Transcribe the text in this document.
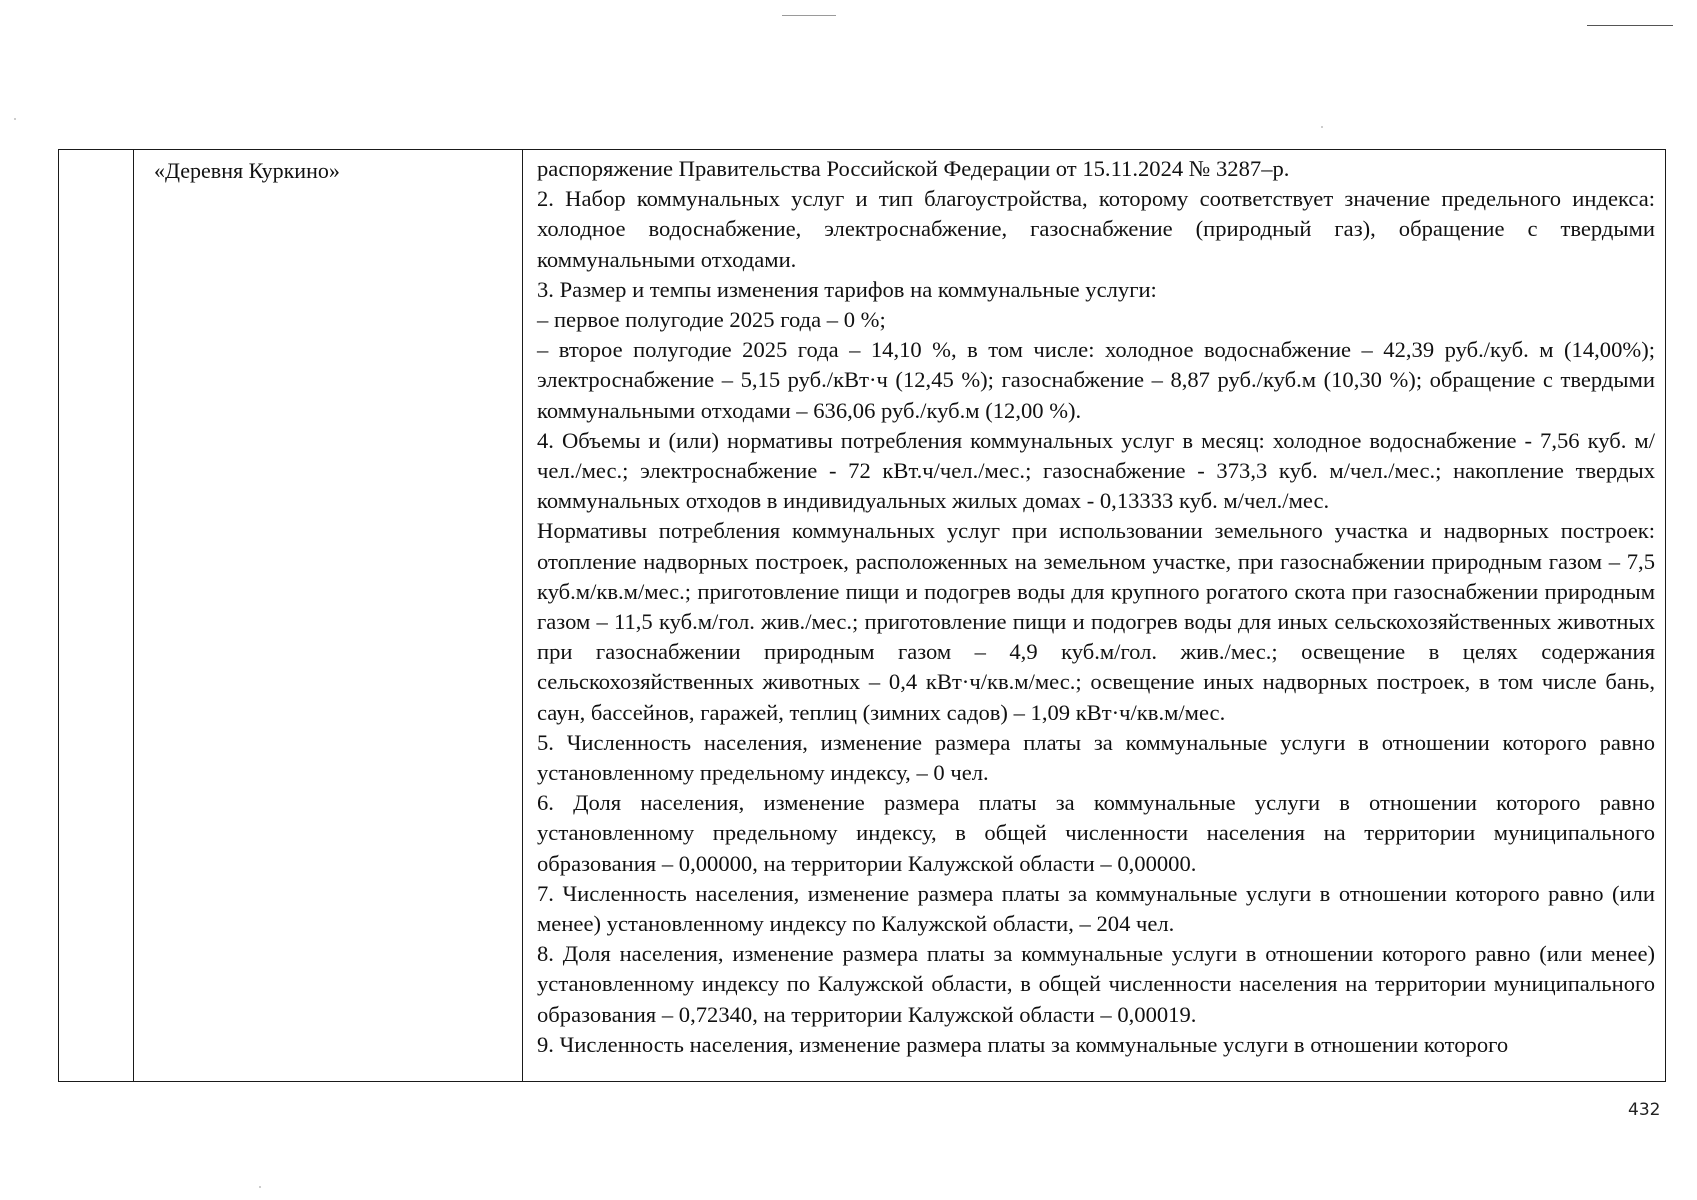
«Деревня Куркино»	распоряжение Правительства Российской Федерации от 15.11.2024 № 3287–р.

2. Набор коммунальных услуг и тип благоустройства, которому соответствует значение предельного индекса: холодное водоснабжение, электроснабжение, газоснабжение (природный газ), обращение с твердыми коммунальными отходами.

3. Размер и темпы изменения тарифов на коммунальные услуги:

– первое полугодие 2025 года – 0 %;

– второе полугодие 2025 года – 14,10 %, в том числе: холодное водоснабжение – 42,39 руб./куб. м (14,00%); электроснабжение – 5,15 руб./кВт·ч (12,45 %); газоснабжение – 8,87 руб./куб.м (10,30 %); обращение с твердыми коммунальными отходами – 636,06 руб./куб.м (12,00 %).

4. Объемы и (или) нормативы потребления коммунальных услуг в месяц: холодное водоснабжение - 7,56 куб. м/чел./мес.; электроснабжение - 72 кВт.ч/чел./мес.; газоснабжение - 373,3 куб. м/чел./мес.; накопление твердых коммунальных отходов в индивидуальных жилых домах - 0,13333 куб. м/чел./мес.

Нормативы потребления коммунальных услуг при использовании земельного участка и надворных построек: отопление надворных построек, расположенных на земельном участке, при газоснабжении природным газом – 7,5 куб.м/кв.м/мес.; приготовление пищи и подогрев воды для крупного рогатого скота при газоснабжении природным газом – 11,5 куб.м/гол. жив./мес.; приготовление пищи и подогрев воды для иных сельскохозяйственных животных при газоснабжении природным газом – 4,9 куб.м/гол. жив./мес.; освещение в целях содержания сельскохозяйственных животных – 0,4 кВт·ч/кв.м/мес.; освещение иных надворных построек, в том числе бань, саун, бассейнов, гаражей, теплиц (зимних садов) – 1,09 кВт·ч/кв.м/мес.

5. Численность населения, изменение размера платы за коммунальные услуги в отношении которого равно установленному предельному индексу, – 0 чел.

6. Доля населения, изменение размера платы за коммунальные услуги в отношении которого равно установленному предельному индексу, в общей численности населения на территории муниципального образования – 0,00000, на территории Калужской области – 0,00000.

7. Численность населения, изменение размера платы за коммунальные услуги в отношении которого равно (или менее) установленному индексу по Калужской области, – 204 чел.

8. Доля населения, изменение размера платы за коммунальные услуги в отношении которого равно (или менее) установленному индексу по Калужской области, в общей численности населения на территории муниципального образования – 0,72340, на территории Калужской области – 0,00019.

9. Численность населения, изменение размера платы за коммунальные услуги в отношении которого

432
